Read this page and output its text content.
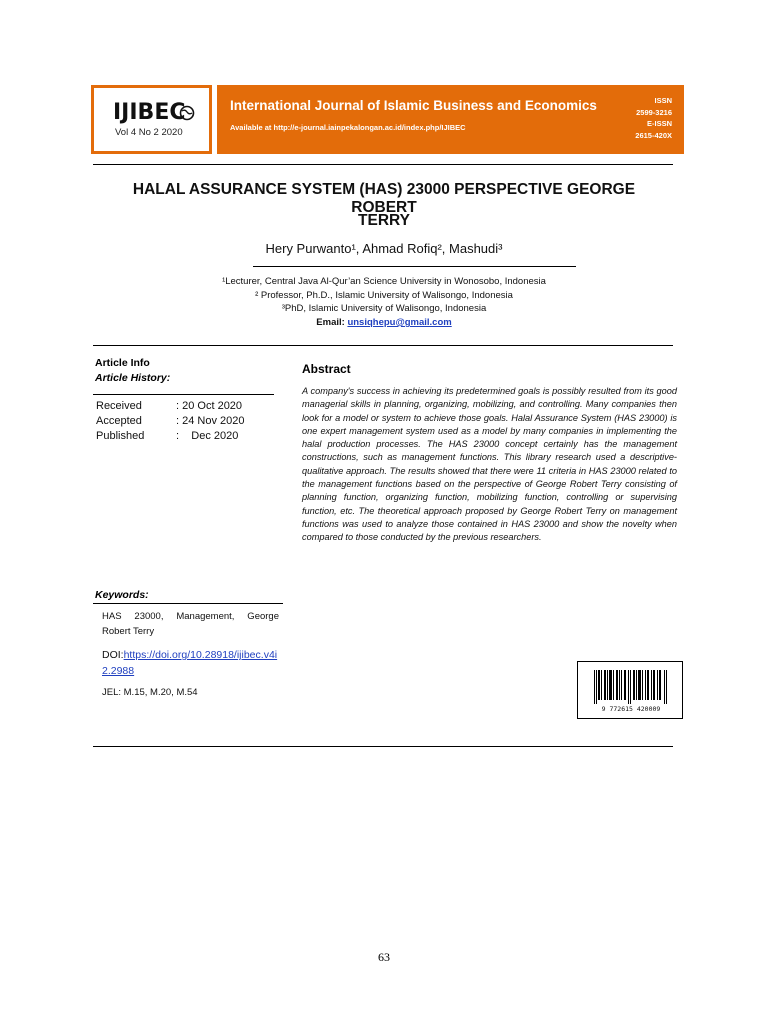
IJIBEC
Vol 4 No 2 2020
International Journal of Islamic Business and Economics
Available at http://e-journal.iainpekalongan.ac.id/index.php/IJIBEC
ISSN
2599-3216
E-ISSN
2615-420X
HALAL ASSURANCE SYSTEM (HAS) 23000 PERSPECTIVE GEORGE ROBERT
TERRY
Hery Purwanto¹, Ahmad Rofiq², Mashudi³
¹Lecturer, Central Java Al-Qur’an Science University in Wonosobo, Indonesia
² Professor, Ph.D., Islamic University of Walisongo, Indonesia
³PhD, Islamic University of Walisongo, Indonesia
Email: unsiqhepu@gmail.com
Article Info
Article History:
Received	: 20 Oct 2020
Accepted	: 24 Nov 2020
Published	:    Dec 2020
Abstract
A company's success in achieving its predetermined goals is possibly resulted from its good managerial skills in planning, organizing, mobilizing, and controlling. Many companies then look for a model or system to achieve those goals. Halal Assurance System (HAS 23000) is one expert management system used as a model by many companies in implementing the halal production processes. The HAS 23000 concept certainly has the management constructions, such as management functions. This library research used a descriptive-qualitative approach. The results showed that there were 11 criteria in HAS 23000 related to the management functions based on the perspective of George Robert Terry consisting of planning function, organizing function, mobilizing function, controlling or supervising function, etc. The theoretical approach proposed by George Robert Terry on management functions was used to analyze those contained in HAS 23000 and show the novelty when compared to those conducted by the previous researchers.
Keywords:
HAS 23000, Management, George Robert Terry
DOI:https://doi.org/10.28918/ijibec.v4i2.2988
JEL: M.15, M.20, M.54
9 772615 420009
63
